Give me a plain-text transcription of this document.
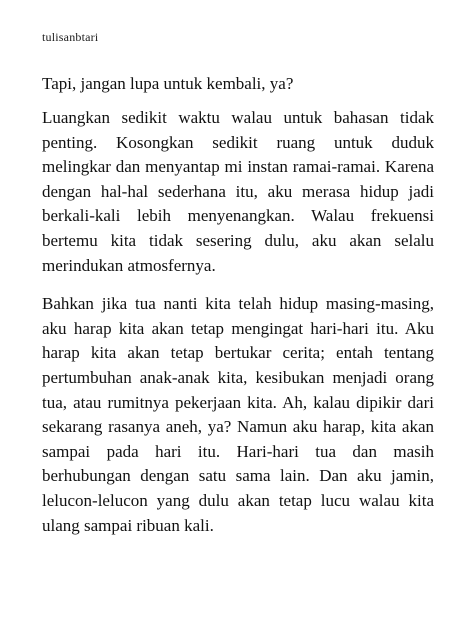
tulisanbtari

Tapi, jangan lupa untuk kembali, ya?

Luangkan sedikit waktu walau untuk bahasan tidak penting. Kosongkan sedikit ruang untuk duduk melingkar dan menyantap mi instan ramai-ramai. Karena dengan hal-hal sederhana itu, aku merasa hidup jadi berkali-kali lebih menyenangkan. Walau frekuensi bertemu kita tidak sesering dulu, aku akan selalu merindukan atmosfernya.

Bahkan jika tua nanti kita telah hidup masing-masing, aku harap kita akan tetap mengingat hari-hari itu. Aku harap kita akan tetap bertukar cerita; entah tentang pertumbuhan anak-anak kita, kesibukan menjadi orang tua, atau rumitnya pekerjaan kita. Ah, kalau dipikir dari sekarang rasanya aneh, ya? Namun aku harap, kita akan sampai pada hari itu. Hari-hari tua dan masih berhubungan dengan satu sama lain. Dan aku jamin, lelucon-lelucon yang dulu akan tetap lucu walau kita ulang sampai ribuan kali.
